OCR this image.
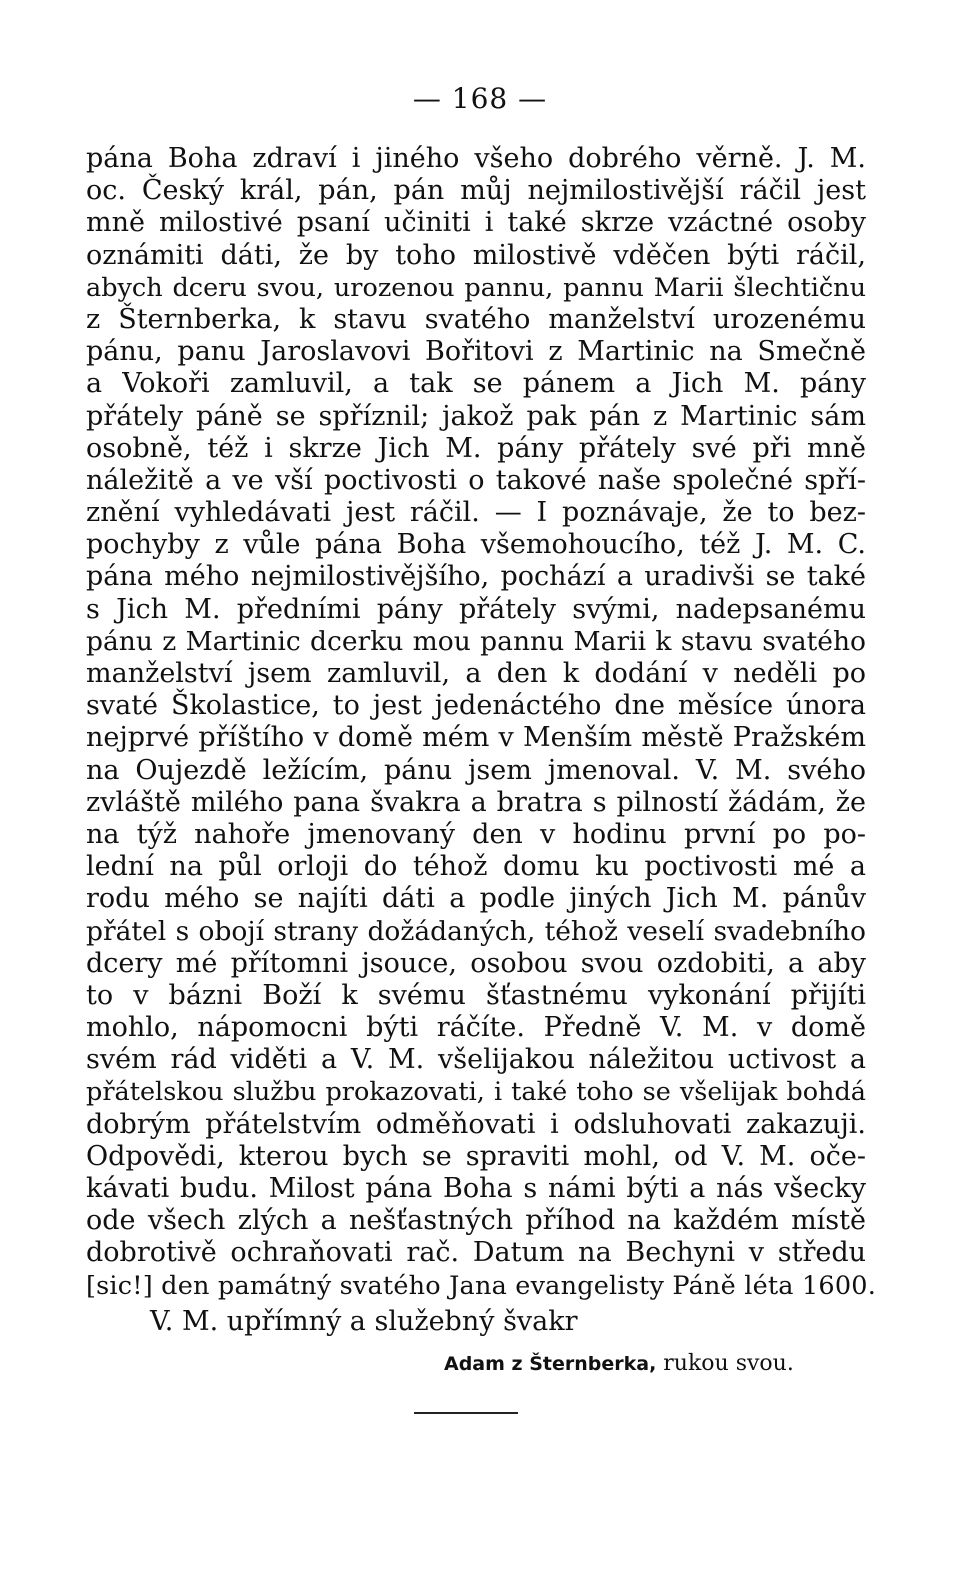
— 168 —
pána Boha zdraví i jiného všeho dobrého věrně. J. M.
oc. Český král, pán, pán můj nejmilostivější ráčil jest
mně milostivé psaní učiniti i také skrze vzáctné osoby
oznámiti dáti, že by toho milostivě vděčen býti ráčil,
abych dceru svou, urozenou pannu, pannu Marii šlechtičnu
z Šternberka, k stavu svatého manželství urozenému
pánu, panu Jaroslavovi Bořitovi z Martinic na Smečně
a Vokoři zamluvil, a tak se pánem a Jich M. pány
přátely páně se spříznil; jakož pak pán z Martinic sám
osobně, též i skrze Jich M. pány přátely své při mně
náležitě a ve vší poctivosti o takové naše společné spří-
znění vyhledávati jest ráčil. — I poznávaje, že to bez-
pochyby z vůle pána Boha všemohoucího, též J. M. C.
pána mého nejmilostivějšího, pochází a uradivši se také
s Jich M. předními pány přátely svými, nadepsanému
pánu z Martinic dcerku mou pannu Marii k stavu svatého
manželství jsem zamluvil, a den k dodání v neděli po
svaté Školastice, to jest jedenáctého dne měsíce února
nejprvé příštího v domě mém v Menším městě Pražském
na Oujezdě ležícím, pánu jsem jmenoval. V. M. svého
zvláště milého pana švakra a bratra s pilností žádám, že
na týž nahoře jmenovaný den v hodinu první po po-
lední na půl orloji do téhož domu ku poctivosti mé a
rodu mého se najíti dáti a podle jiných Jich M. pánův
přátel s obojí strany dožádaných, téhož veselí svadebního
dcery mé přítomni jsouce, osobou svou ozdobiti, a aby
to v bázni Boží k svému šťastnému vykonání přijíti
mohlo, nápomocni býti ráčíte. Předně V. M. v domě
svém rád viděti a V. M. všelijakou náležitou uctivost a
přátelskou službu prokazovati, i také toho se všelijak bohdá
dobrým přátelstvím odměňovati i odsluhovati zakazuji.
Odpovědi, kterou bych se spraviti mohl, od V. M. oče-
kávati budu. Milost pána Boha s námi býti a nás všecky
ode všech zlých a nešťastných příhod na každém místě
dobrotivě ochraňovati rač. Datum na Bechyni v středu
[sic!] den památný svatého Jana evangelisty Páně léta 1600.
V. M. upřímný a služebný švakr
Adam z Šternberka, rukou svou.
